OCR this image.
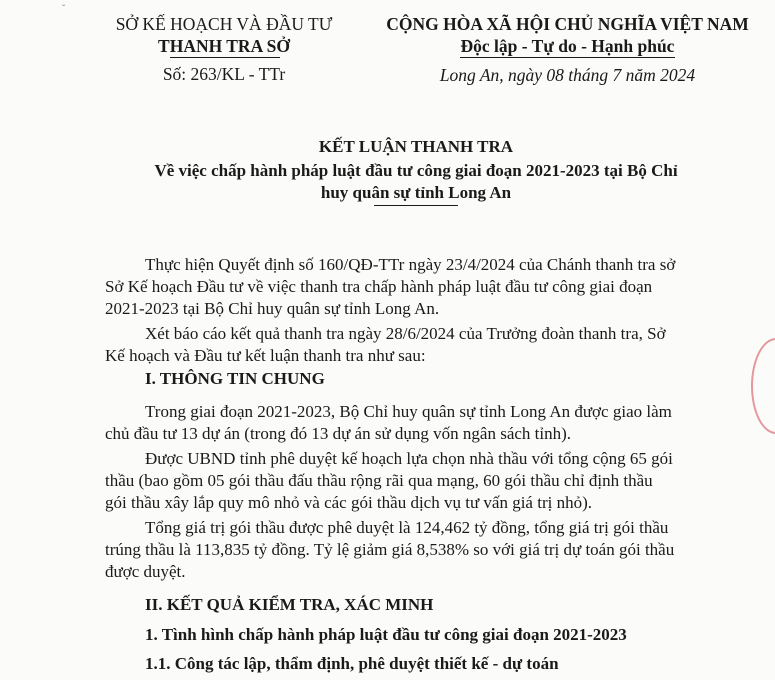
ˇ
SỞ KẾ HOẠCH VÀ ĐẦU TƯ
THANH TRA SỞ
Số: 263/KL - TTr
CỘNG HÒA XÃ HỘI CHỦ NGHĨA VIỆT NAM
Độc lập - Tự do - Hạnh phúc
Long An, ngày 08 tháng 7 năm 2024
KẾT LUẬN THANH TRA
Về việc chấp hành pháp luật đầu tư công giai đoạn 2021-2023 tại Bộ Chỉ
huy quân sự tỉnh Long An
Thực hiện Quyết định số 160/QĐ-TTr ngày 23/4/2024 của Chánh thanh tra sở
Sở Kế hoạch Đầu tư về việc thanh tra chấp hành pháp luật đầu tư công giai đoạn
2021-2023 tại Bộ Chỉ huy quân sự tỉnh Long An.
Xét báo cáo kết quả thanh tra ngày 28/6/2024 của Trưởng đoàn thanh tra, Sở
Kế hoạch và Đầu tư kết luận thanh tra như sau:
I. THÔNG TIN CHUNG
Trong giai đoạn 2021-2023, Bộ Chỉ huy quân sự tỉnh Long An được giao làm
chủ đầu tư 13 dự án (trong đó 13 dự án sử dụng vốn ngân sách tỉnh).
Được UBND tỉnh phê duyệt kế hoạch lựa chọn nhà thầu với tổng cộng 65 gói
thầu (bao gồm 05 gói thầu đấu thầu rộng rãi qua mạng, 60 gói thầu chỉ định thầu
gói thầu xây lắp quy mô nhỏ và các gói thầu dịch vụ tư vấn giá trị nhỏ).
Tổng giá trị gói thầu được phê duyệt là 124,462 tỷ đồng, tổng giá trị gói thầu
trúng thầu là 113,835 tỷ đồng. Tỷ lệ giảm giá 8,538% so với giá trị dự toán gói thầu
được duyệt.
II. KẾT QUẢ KIỂM TRA, XÁC MINH
1. Tình hình chấp hành pháp luật đầu tư công giai đoạn 2021-2023
1.1. Công tác lập, thẩm định, phê duyệt thiết kế - dự toán
